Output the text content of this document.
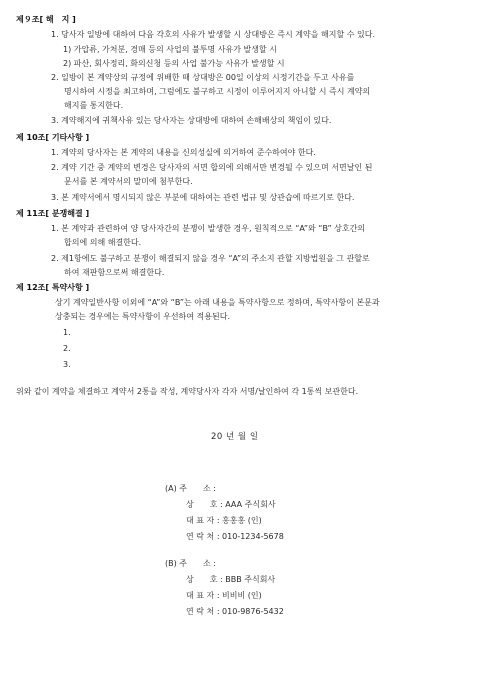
제９조[ 해　지 ]
1. 당사자 일방에 대하여 다음 각호의 사유가 발생할 시 상대방은 즉시 계약을 해지할 수 있다.
1) 가압류, 가처분, 경매 등의 사업의 불투명 사유가 발생할 시
2) 파산, 회사정리, 화의신청 등의 사업 불가능 사유가 발생할 시
2. 일방이 본 계약상의 규정에 위배한 때 상대방은 00일 이상의 시정기간을 두고 사유를
명시하여 시정을 최고하며, 그럼에도 불구하고 시정이 이루어지지 아니할 시 즉시 계약의
해지를 통지한다.
3. 계약해지에 귀책사유 있는 당사자는 상대방에 대하여 손해배상의 책임이 있다.
제 10조[ 기타사항 ]
1. 계약의 당사자는 본 계약의 내용을 신의성실에 의거하여 준수하여야 한다.
2. 계약 기간 중 계약의 변경은 당사자의 서면 합의에 의해서만 변경될 수 있으며 서면날인 된
문서를 본 계약서의 말미에 첨부한다.
3. 본 계약서에서 명시되지 않은 부분에 대하여는 관련 법규 및 상관습에 따르기로 한다.
제 11조[ 분쟁해결 ]
1. 본 계약과 관련하여 양 당사자간의 분쟁이 발생한 경우, 원칙적으로 “A”와 “B” 상호간의
합의에 의해 해결한다.
2. 제1항에도 불구하고 분쟁이 해결되지 않을 경우 “A”의 주소지 관할 지방법원을 그 관할로
하여 재판함으로써 해결한다.
제 12조[ 특약사항 ]
상기 계약일반사항 이외에 “A”와 “B”는 아래 내용을 특약사항으로 정하며, 특약사항이 본문과
상충되는 경우에는 특약사항이 우선하여 적용된다.
1.
2.
3.
위와 같이 계약을 체결하고 계약서 2통을 작성, 계약당사자 각자 서명/날인하여 각 1통씩 보관한다.
20 년 월 일
(A) 주　　소 :
상　　호 : AAA 주식회사
대 표 자 : 홍홍홍 (인)
연 락 처 : 010-1234-5678
(B) 주　　소 :
상　　호 : BBB 주식회사
대 표 자 : 비비비 (인)
연 락 처 : 010-9876-5432
